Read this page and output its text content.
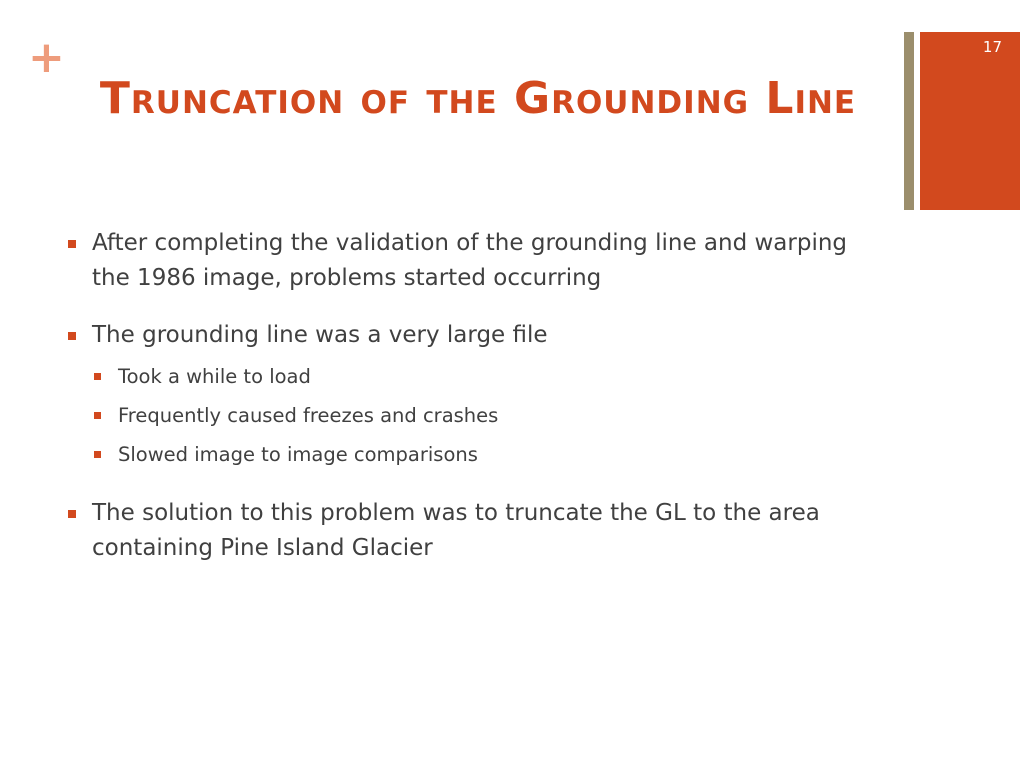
+
Truncation of the Grounding Line
17
After completing the validation of the grounding line and warping the 1986 image, problems started occurring
The grounding line was a very large file
Took a while to load
Frequently caused freezes and crashes
Slowed image to image comparisons
The solution to this problem was to truncate the GL to the area containing Pine Island Glacier
